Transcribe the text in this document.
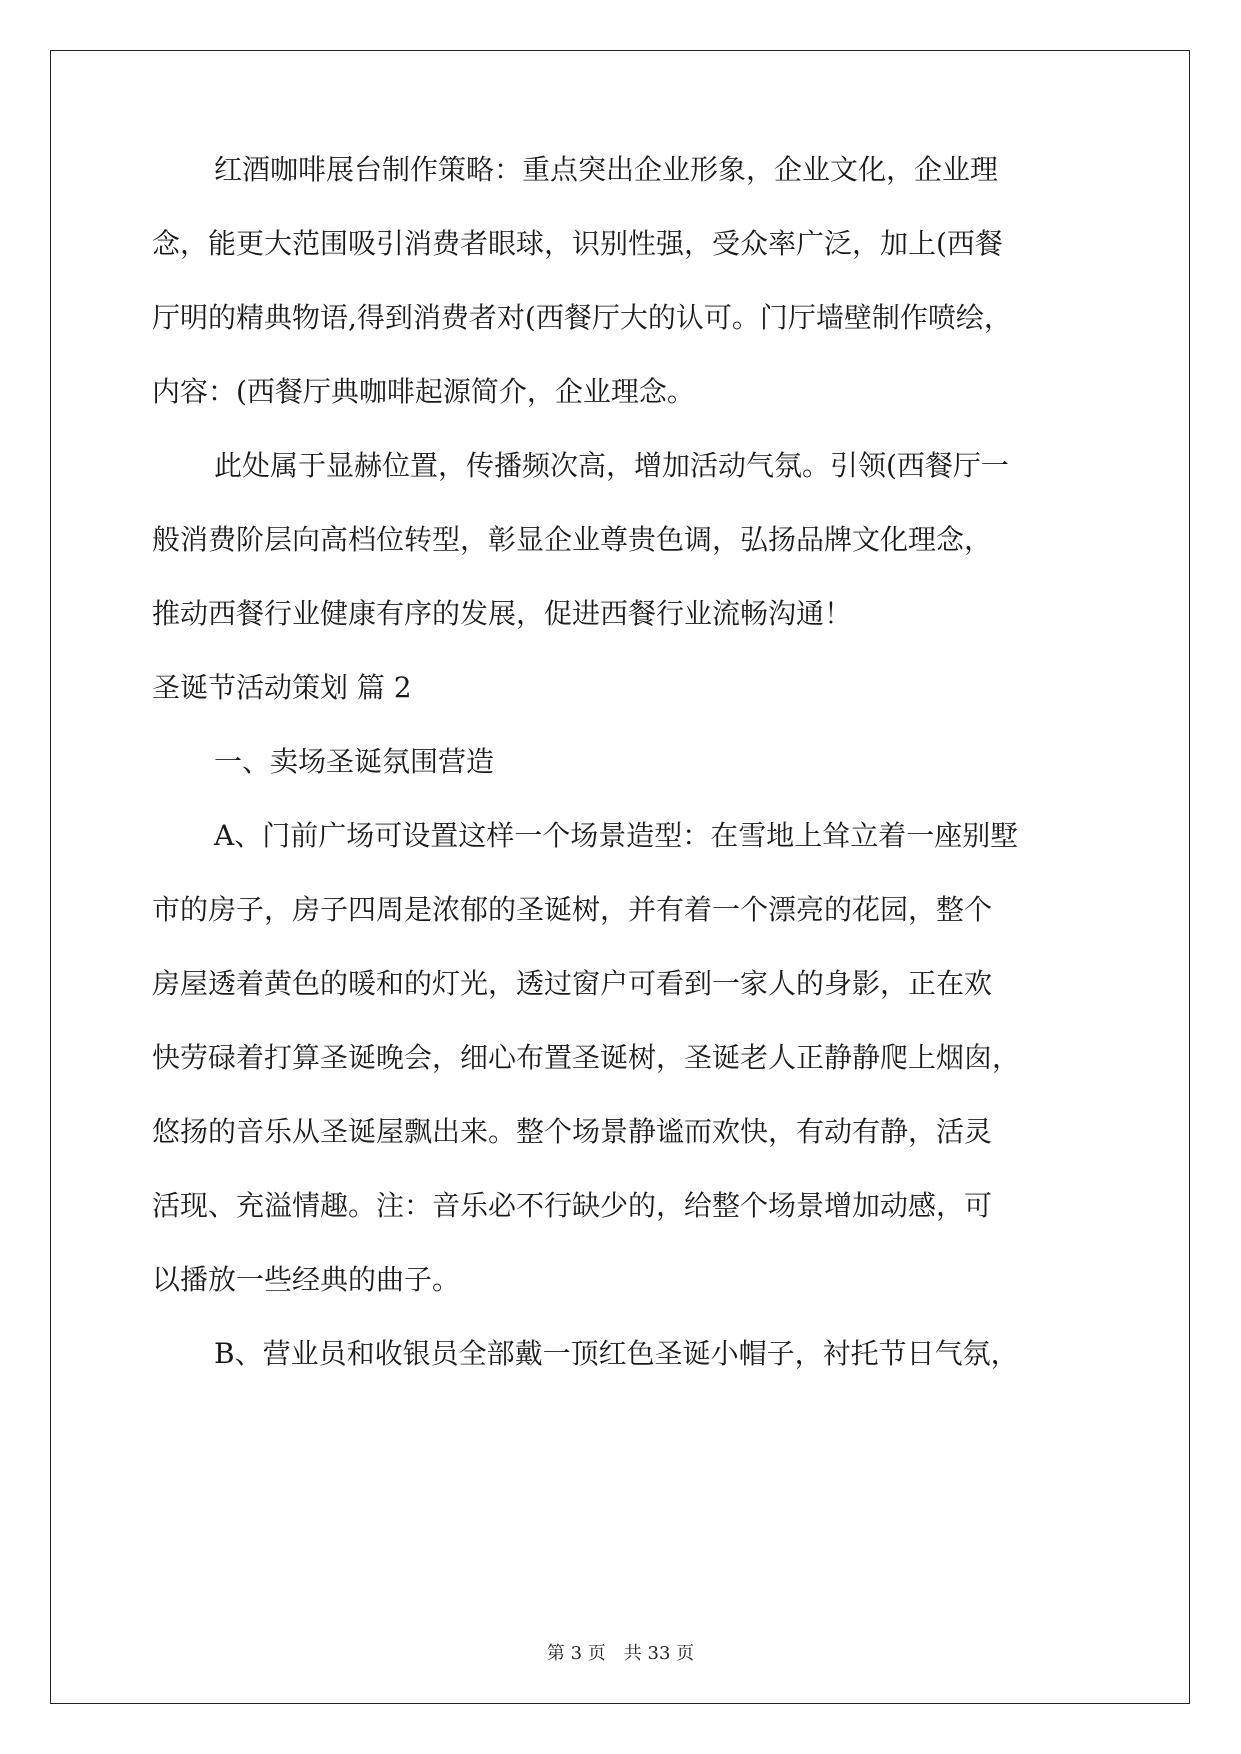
红酒咖啡展台制作策略：重点突出企业形象，企业文化，企业理
念，能更大范围吸引消费者眼球，识别性强，受众率广泛，加上(西餐
厅明的精典物语,得到消费者对(西餐厅大的认可。门厅墙壁制作喷绘，
内容：(西餐厅典咖啡起源简介，企业理念。
此处属于显赫位置，传播频次高，增加活动气氛。引领(西餐厅一
般消费阶层向高档位转型，彰显企业尊贵色调，弘扬品牌文化理念，
推动西餐行业健康有序的发展，促进西餐行业流畅沟通！
圣诞节活动策划 篇 2
一、卖场圣诞氛围营造
A、门前广场可设置这样一个场景造型：在雪地上耸立着一座别墅
市的房子，房子四周是浓郁的圣诞树，并有着一个漂亮的花园，整个
房屋透着黄色的暖和的灯光，透过窗户可看到一家人的身影，正在欢
快劳碌着打算圣诞晚会，细心布置圣诞树，圣诞老人正静静爬上烟囱，
悠扬的音乐从圣诞屋飘出来。整个场景静谧而欢快，有动有静，活灵
活现、充溢情趣。注：音乐必不行缺少的，给整个场景增加动感，可
以播放一些经典的曲子。
B、营业员和收银员全部戴一顶红色圣诞小帽子，衬托节日气氛，
第 3 页 共 33 页
